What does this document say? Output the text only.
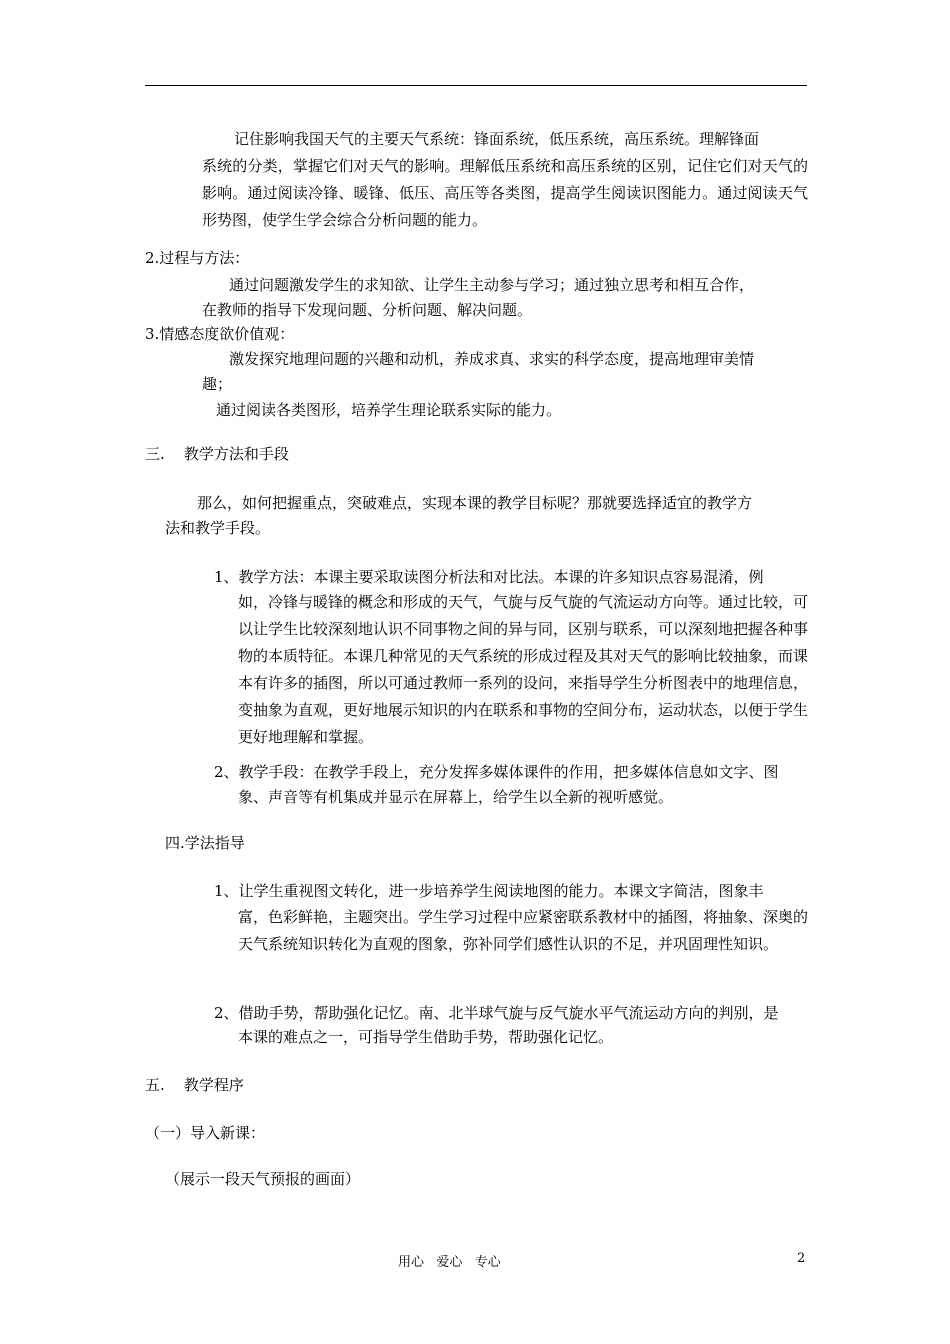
记住影响我国天气的主要天气系统：锋面系统，低压系统，高压系统。理解锋面
系统的分类，掌握它们对天气的影响。理解低压系统和高压系统的区别，记住它们对天气的影响。通过阅读冷锋、暖锋、低压、高压等各类图，提高学生阅读识图能力。通过阅读天气形势图，使学生学会综合分析问题的能力。
2.过程与方法：
通过问题激发学生的求知欲、让学生主动参与学习；通过独立思考和相互合作，
在教师的指导下发现问题、分析问题、解决问题。
3.情感态度欲价值观：
激发探究地理问题的兴趣和动机，养成求真、求实的科学态度，提高地理审美情
趣；
通过阅读各类图形，培养学生理论联系实际的能力。
三.    教学方法和手段
那么，如何把握重点，突破难点，实现本课的教学目标呢？那就要选择适宜的教学方
法和教学手段。
1、教学方法：本课主要采取读图分析法和对比法。本课的许多知识点容易混淆，例
如，冷锋与暖锋的概念和形成的天气，气旋与反气旋的气流运动方向等。通过比较，可以让学生比较深刻地认识不同事物之间的异与同，区别与联系，可以深刻地把握各种事物的本质特征。本课几种常见的天气系统的形成过程及其对天气的影响比较抽象，而课本有许多的插图，所以可通过教师一系列的设问，来指导学生分析图表中的地理信息，变抽象为直观，更好地展示知识的内在联系和事物的空间分布，运动状态，以便于学生更好地理解和掌握。
2、教学手段：在教学手段上，充分发挥多媒体课件的作用，把多媒体信息如文字、图
象、声音等有机集成并显示在屏幕上，给学生以全新的视听感觉。
四.学法指导
1、让学生重视图文转化，进一步培养学生阅读地图的能力。本课文字简洁，图象丰
富，色彩鲜艳，主题突出。学生学习过程中应紧密联系教材中的插图，将抽象、深奥的天气系统知识转化为直观的图象，弥补同学们感性认识的不足，并巩固理性知识。
2、借助手势，帮助强化记忆。南、北半球气旋与反气旋水平气流运动方向的判别，是
本课的难点之一，可指导学生借助手势，帮助强化记忆。
五.    教学程序
（一）导入新课：
（展示一段天气预报的画面）
用心   爱心   专心	2
